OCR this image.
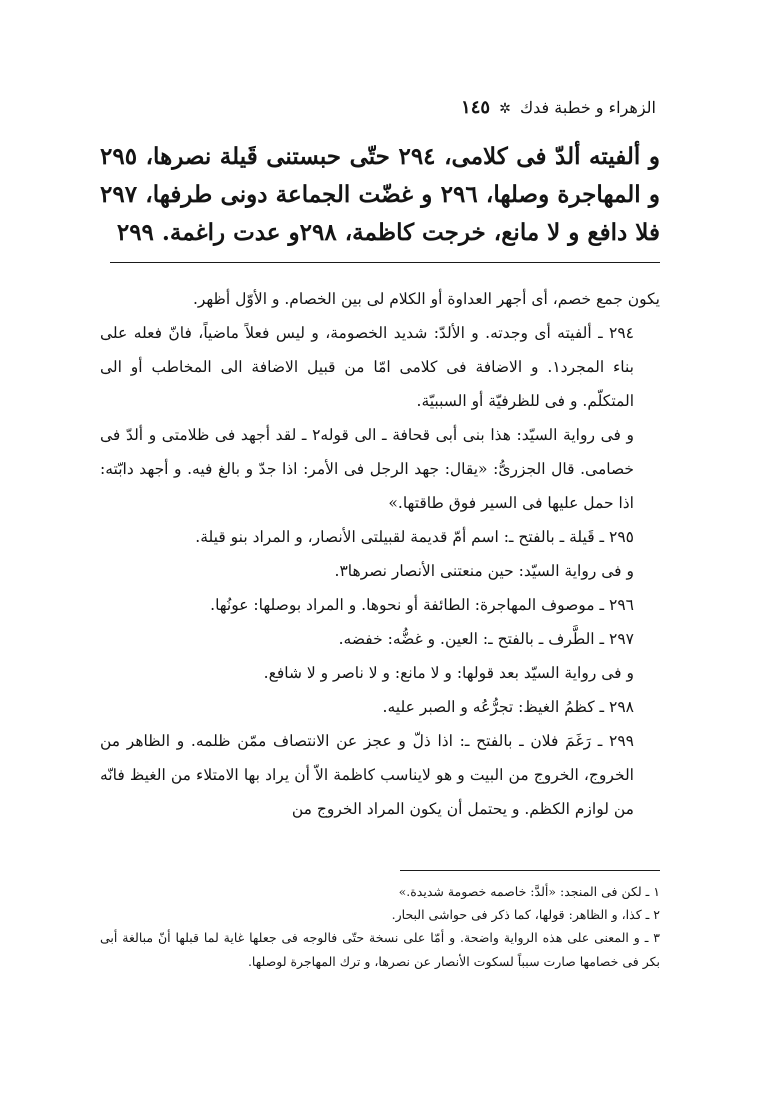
الزهراء و خطبة فدك ✲ ١٤٥

و ألفيته ألدّ فى كلامى، ٢٩٤ حتّى حبستنى قَيلة نصرها، ٢٩٥ و المهاجرة وصلها، ٢٩٦ و غضّت الجماعة دونى طرفها، ٢٩٧ فلا دافع و لا مانع، خرجت كاظمة، ٢٩٨و عدت راغمة. ٢٩٩

يكون جمع خصم، أى أجهر العداوة أو الكلام لى بين الخصام. و الأوّل أظهر.

٢٩٤ ـ ألفيته أى وجدته. و الألدّ: شديد الخصومة، و ليس فعلاً ماضياً، فانّ فعله على بناء المجرد١. و الاضافة فى كلامى امّا من قبيل الاضافة الى المخاطب أو الى المتكلّم. و فى للظرفيّة أو السببيّة.

و فى رواية السيّد: هذا بنى أبى قحافة ـ الى قوله٢ ـ لقد أجهد فى ظلامتى و ألدّ فى خصامى. قال الجزرىُّ: «يقال: جهد الرجل فى الأمر: اذا جدّ و بالغ فيه. و أجهد دابّته: اذا حمل عليها فى السير فوق طاقتها.»

٢٩٥ ـ قَيلة ـ بالفتح ـ: اسم أمّ قديمة لقبيلتى الأنصار، و المراد بنو قيلة.

و فى رواية السيّد: حين منعتنى الأنصار نصرها٣.

٢٩٦ ـ موصوف المهاجرة: الطائفة أو نحوها. و المراد بوصلها: عونُها.

٢٩٧ ـ الطَّرف ـ بالفتح ـ: العين. و غضُّه: خفضه.

و فى رواية السيّد بعد قولها: و لا مانع: و لا ناصر و لا شافع.

٢٩٨ ـ كظمُ الغيظ: تجرُّعُه و الصبر عليه.

٢٩٩ ـ رَغَمَ فلان ـ بالفتح ـ: اذا ذلّ و عجز عن الانتصاف ممّن ظلمه. و الظاهر من الخروج، الخروج من البيت و هو لايناسب كاظمة الاّ أن يراد بها الامتلاء من الغيظ فانّه من لوازم الكظم. و يحتمل أن يكون المراد الخروج من

١ ـ لكن فى المنجد: «ألدَّ: خاصمه خصومة شديدة.»

٢ ـ كذا، و الظاهر: قولها، كما ذكر فى حواشى البحار.

٣ ـ و المعنى على هذه الرواية واضحة. و أمّا على نسخة حتّى فالوجه فى جعلها غاية لما قبلها أنّ مبالغة أبى بكر فى خصامها صارت سبباً لسكوت الأنصار عن نصرها، و ترك المهاجرة لوصلها.
